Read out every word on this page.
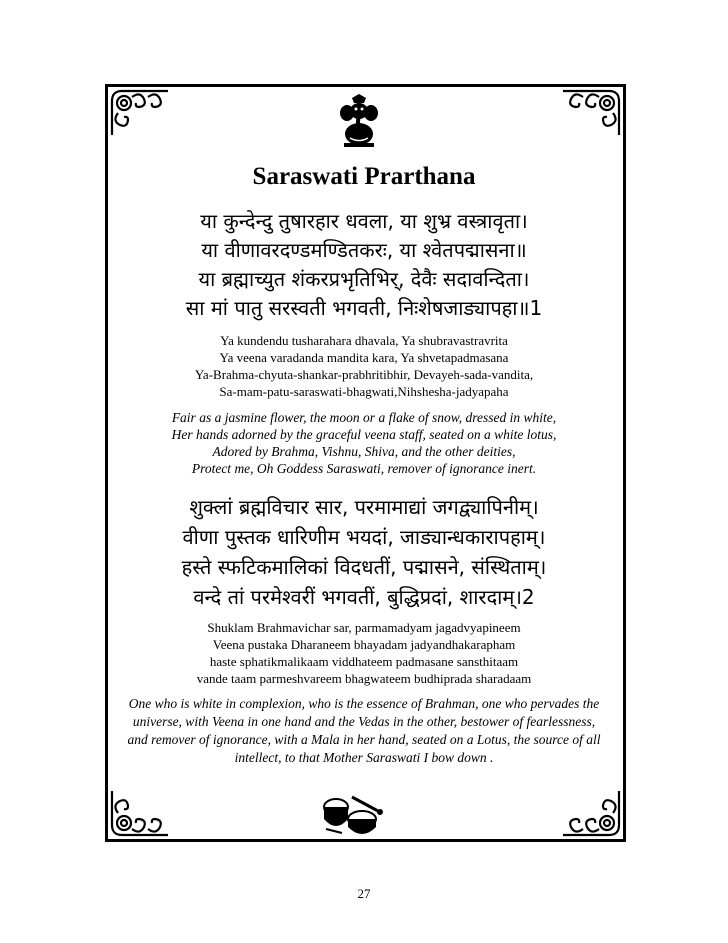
Saraswati Prarthana
या कुन्देन्दु तुषारहार धवला, या शुभ्र वस्त्रावृता।
या वीणावरदण्डमण्डितकरः, या श्वेतपद्मासना॥
या ब्रह्माच्युत शंकरप्रभृतिभिर्, देवैः सदावन्दिता।
सा मां पातु सरस्वती भगवती, निःशेषजाड्यापहा॥1
Ya kundendu tusharahara dhavala, Ya shubravastravrita
Ya veena varadanda mandita kara, Ya shvetapadmasana
Ya-Brahma-chyuta-shankar-prabhritibhir, Devayeh-sada-vandita,
Sa-mam-patu-saraswati-bhagwati,Nihshesha-jadyapaha
Fair as a jasmine flower, the moon or a flake of snow, dressed in white,
Her hands adorned by the graceful veena staff, seated on a white lotus,
Adored by Brahma, Vishnu, Shiva, and the other deities,
Protect me, Oh Goddess Saraswati, remover of ignorance inert.
शुक्लां ब्रह्मविचार सार, परमामाद्यां जगद्व्यापिनीम्।
वीणा पुस्तक धारिणीम भयदां, जाड्यान्धकारापहाम्।
हस्ते स्फटिकमालिकां विदधतीं, पद्मासने, संस्थिताम्।
वन्दे तां परमेश्वरीं भगवतीं, बुद्धिप्रदां, शारदाम्।2
Shuklam Brahmavichar sar, parmamadyam jagadvyapineem
Veena pustaka Dharaneem bhayadam jadyandhakarapham
haste sphatikmalikaam viddhateem padmasane sansthitaam
vande taam parmeshvareem bhagwateem budhiprada sharadaam
One who is white in complexion, who is the essence of Brahman, one who pervades the
universe, with Veena in one hand and the Vedas in the other, bestower of fearlessness,
and remover of ignorance, with a Mala in her hand, seated on a Lotus, the source of all
intellect, to that Mother Saraswati I bow down .
27
